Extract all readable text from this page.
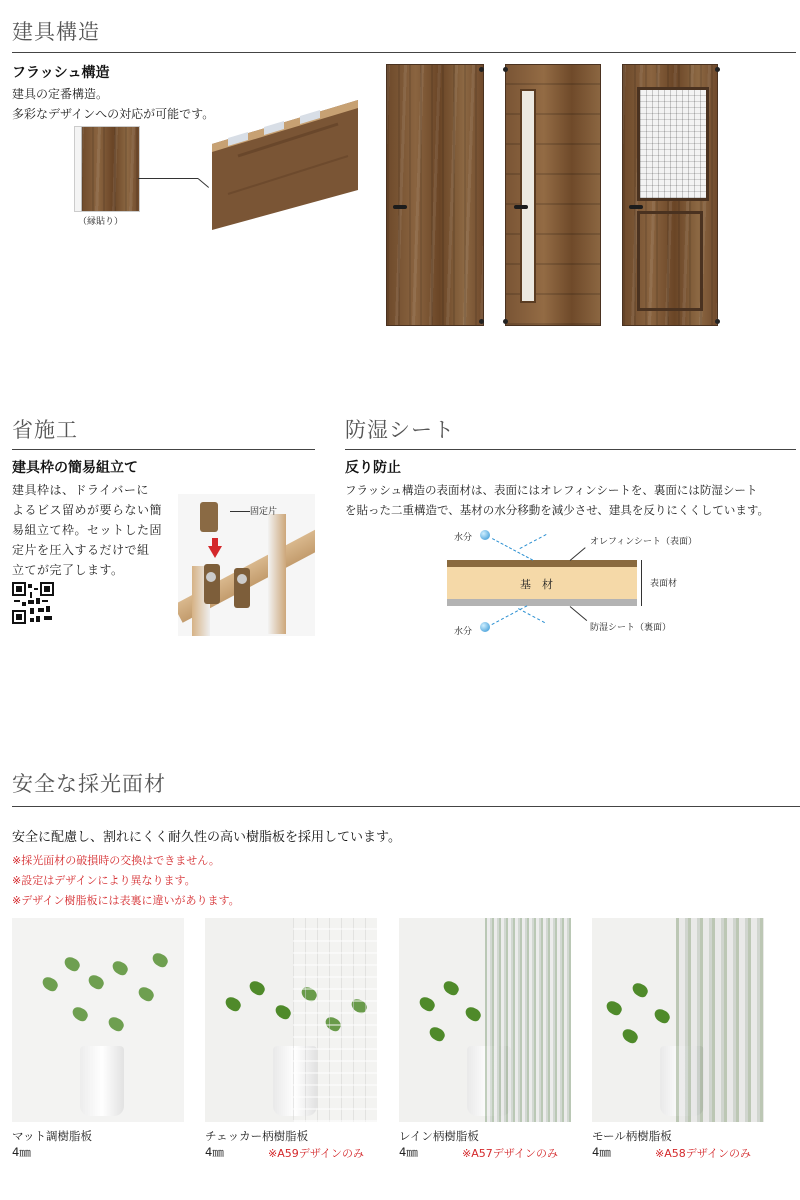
建具構造
フラッシュ構造
建具の定番構造。
多彩なデザインへの対応が可能です。
（縁貼り）
省施工
建具枠の簡易組立て
建具枠は、ドライバーに
よるビス留めが要らない簡
易組立て枠。セットした固
定片を圧入するだけで組
立てが完了します。
固定片
防湿シート
反り防止
フラッシュ構造の表面材は、表面にはオレフィンシートを、裏面には防湿シート
を貼った二重構造で、基材の水分移動を減少させ、建具を反りにくくしています。
基　材
水分
水分
オレフィンシート（表面）
表面材
防湿シート（裏面）
安全な採光面材
安全に配慮し、割れにくく耐久性の高い樹脂板を採用しています。
※採光面材の破損時の交換はできません。
※設定はデザインにより異なります。
※デザイン樹脂板には表裏に違いがあります。
マット調樹脂板
4㎜
チェッカー柄樹脂板
4㎜	※A59デザインのみ
レイン柄樹脂板
4㎜	※A57デザインのみ
モール柄樹脂板
4㎜	※A58デザインのみ
